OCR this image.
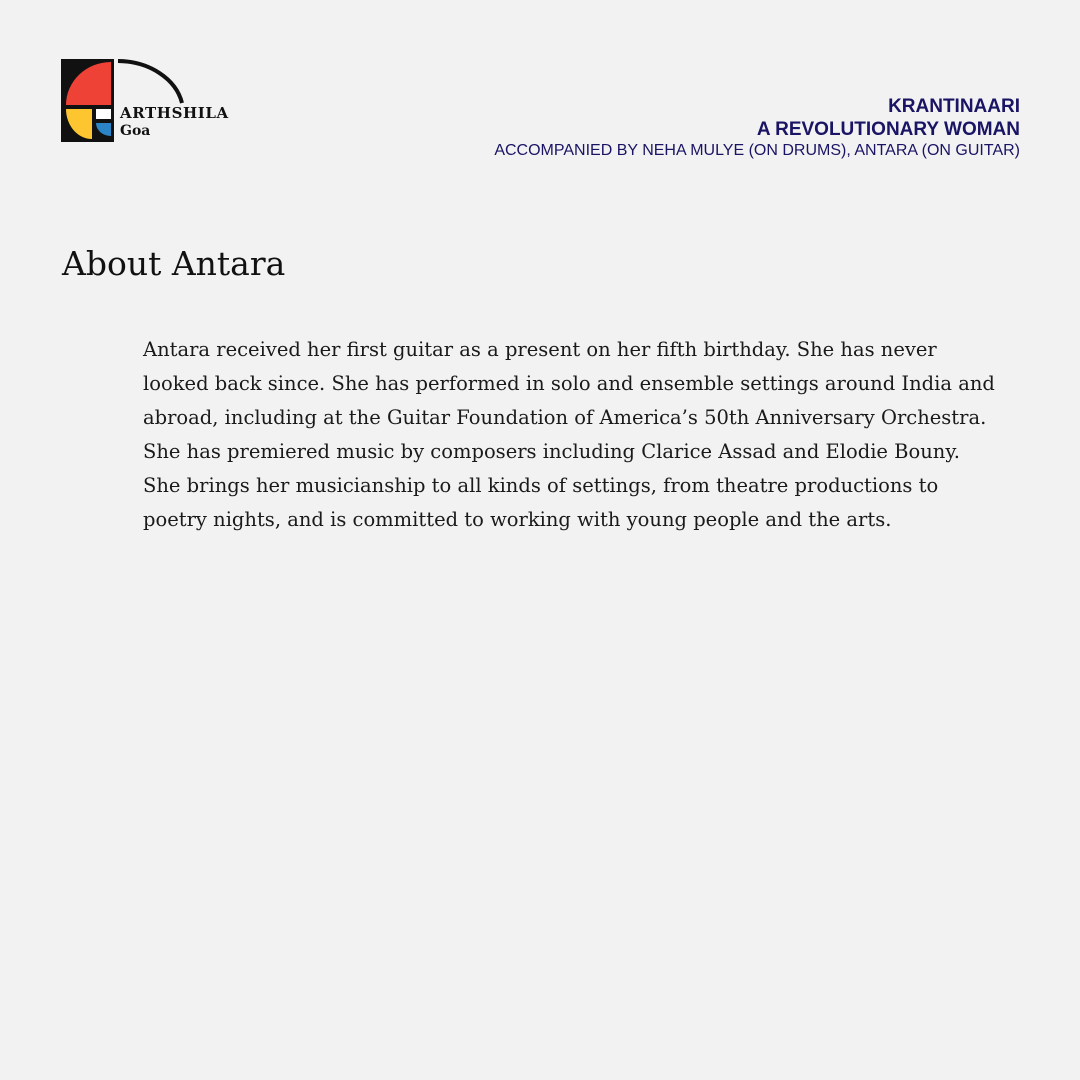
ARTHSHILA
Goa
KRANTINAARI
A REVOLUTIONARY WOMAN
ACCOMPANIED BY NEHA MULYE (ON DRUMS), ANTARA (ON GUITAR)
About Antara

Antara received her first guitar as a present on her fifth birthday. She has never looked back since. She has performed in solo and ensemble settings around India and abroad, including at the Guitar Foundation of America’s 50th Anniversary Orchestra. She has premiered music by composers including Clarice Assad and Elodie Bouny. She brings her musicianship to all kinds of settings, from theatre productions to poetry nights, and is committed to working with young people and the arts.
